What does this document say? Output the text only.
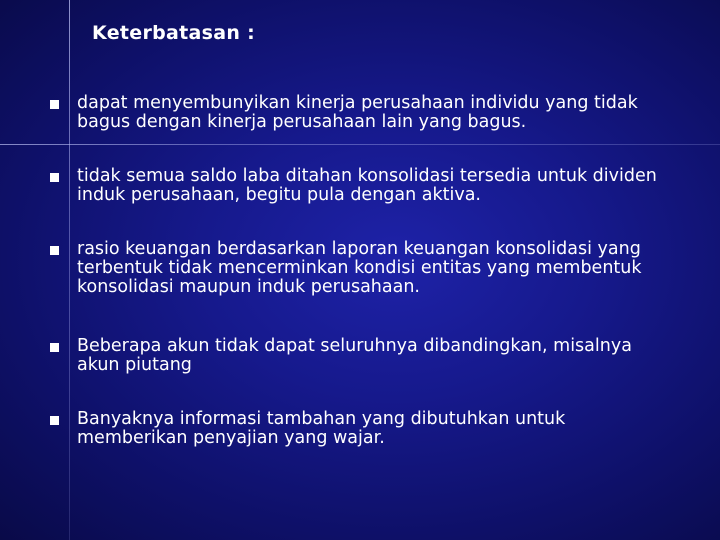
Keterbatasan :
dapat menyembunyikan kinerja perusahaan individu yang tidak bagus dengan kinerja perusahaan lain yang bagus.
tidak semua saldo laba ditahan konsolidasi tersedia untuk dividen induk perusahaan, begitu pula dengan aktiva.
rasio keuangan berdasarkan laporan keuangan konsolidasi yang terbentuk tidak mencerminkan kondisi entitas yang membentuk konsolidasi maupun induk perusahaan.
Beberapa akun tidak dapat seluruhnya dibandingkan, misalnya akun piutang
Banyaknya informasi tambahan yang dibutuhkan untuk memberikan penyajian yang wajar.
